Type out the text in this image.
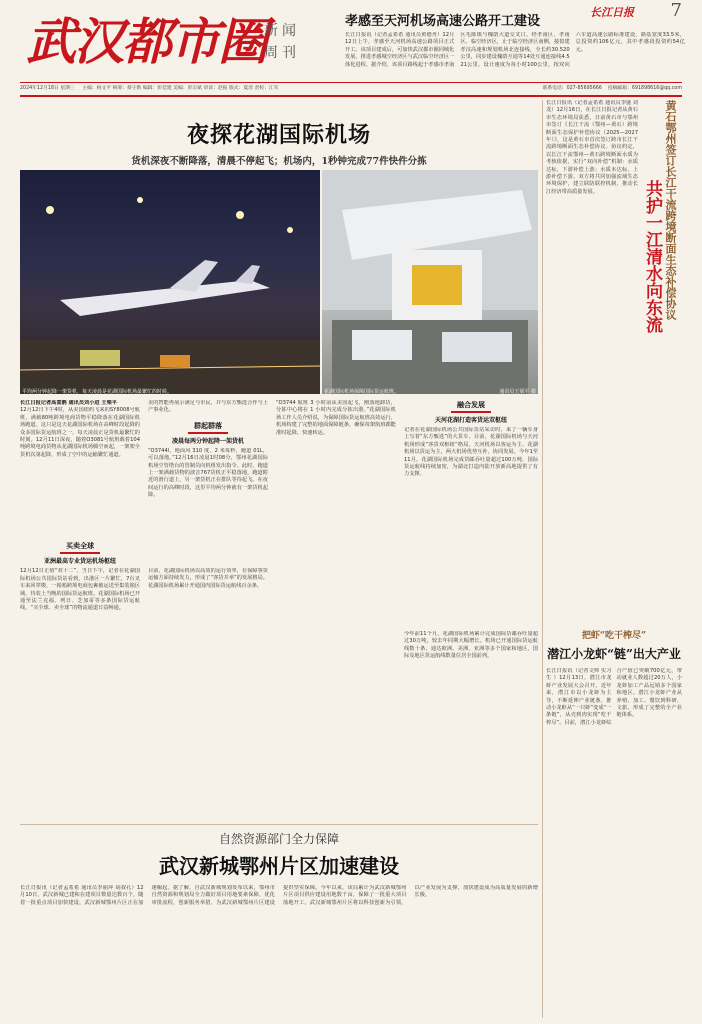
武汉都市圈
新闻
周刊
长江日报 7
孝感至天河机场高速公路开工建设
长江日报讯（记者孟希希 通讯员黄德舟）12月12日上午，孝感至天河机场高速公路项目正式开工。该项目建成后，可加快武汉都市圈同城化发展，推进孝感城空经济区与武汉临空经济区一体化进程。据介绍，该项目路线起于孝感市孝南区毛陈镇与槐荫大道交叉口，经孝南区、孝南区、临空经济区，止于临空经济区南侧，接拟建孝汉高速和规划机场北连接线，全长约30.520公里，同步建设槐荫互通等14处互通连接线4.521公里，设计速度为每小时100公里，按双向六车道高速公路标准建设，路基宽度33.5米，总投资约106亿元，其中孝感段投资约54亿元。
2024年12月18日 星期三 主编：杨文平 统筹：蔡守勋 编辑：彭佳建 美编：彭宗斌 审读：赵振 版式：夏淳 责校：江军	投稿邮箱：691898616@qq.com
联系电话：027-85695666
夜探花湖国际机场
货机深夜不断降落，清晨不停起飞；机场内，1秒钟完成77件快件分拣
平均两分钟起降一架货机，每天凌晨是花湖国际机场最繁忙的时候。	花湖国际机场保障国际货运航班。	通讯员王梁平 摄
长江日报记者高喜鹊 通讯员刘小进 王梁平
12月12日下午4时，从美国纽约飞来的SY8008号航班，满载80吨跨境电商货物平稳降落在花湖国际机场跑道。这只是这天花湖国际机场在高峰时段起降的众多国际货运航班之一，每天凌晨正是货机最繁忙的时刻。12月11日深夜，随着O3081号航班载着104吨跨境电商货物从花湖国际机场腾空而起，一架架全货机次第起降，形成了空中的运输繁忙通道。
买卖全球
亚洲最高专业货运机场枢纽
12月12日正值“双十二”，当日下午，记者在花湖国际机场公共国际货站看到，出港区一片繁忙，7台叉车来回穿梭，一箱箱跨境电商包裹被运送至集装箱区域，待装上当晚的国际货运航班。花湖国际机场已开通至法兰克福、列日、芝加哥等多条国际货运航线，“买全球、卖全球”的物流通道日益畅通。
美的智能再展示满足与市民，并与东方甄选合作与上产事业化。
群起群落
凌晨每两分钟起降一架货机
“O3744l，地面风 310 度，2 米每秒，跑道 01L，可以落地。”12月16日凌晨1时08分，鄂州花湖国际机场空管塔台的管制员向机组发出指令。此时，跑道上一架满载货物的波音767货机正平稳落地，跑道附近的滑行道上，另一架货机正在排队等待起飞。在夜间运行的高峰时段，这里平均两分钟就有一架货机起降。
目前，花湖国际机场以高效的运行效率，在保障客货运输方面持续发力，形成了“客货并举”的发展格局。花湖国际机场累计开通国内国际货运航线百余条。
“O3744 航班 3 小时前从美国起飞，刚落地卸货，分拣中心将在 1 小时内完成分拣出港。”花湖国际机场工作人员介绍说，为保障国际货运航班高效运行，机场构建了完整的地面保障链条，确保每架航班都能准时起降、快速转运。
融合发展
天河花湖打造客货运双枢纽
记者在花湖国际机场公共国际货站采访时，来了一辆车身上写着“东方甄选”的大货车。目前，花湖国际机场与天河机场形成“客货双枢纽”格局，天河机场以客运为主、花湖机场以货运为主，两大机场优势互补，协同发展。今年1至11月，花湖国际机场完成货邮吞吐量超过100万吨，国际货运航线持续加密，为湖北打造内陆开放新高地提供了有力支撑。
今年前11个月，花湖国际机场累计完成国际货邮吞吐量超过30万吨，较去年同期大幅增长。机场已开通国际货运航线数十条，通达欧洲、美洲、亚洲等多个国家和地区，国际及地区货运航线数量位居全国前列。
长江日报讯（记者孟希希 通讯员李盛 刘龙）12月16日，在长江日报记者从黄石市生态环境局获悉，日前黄石市与鄂州市签订《长江干流（鄂州—黄石）跨境断面生态保护补偿协议（2025—2027年）》，这是黄石市首次签订跨市长江干流跨境断面生态补偿协议。协议约定，以长江干流鄂州—黄石跨境断面水质为考核依据，实行“双向补偿”机制：水质达标，下游补偿上游；水质未达标，上游补偿下游。双方将共同加强流域生态环境保护，建立联防联控机制，推动长江经济带高质量发展。	黄石鄂州签订长江干流跨境断面生态补偿协议
共护一江清水向东流
把虾“吃干榨尽”
潜江小龙虾“链”出大产业
长江日报讯（记者文帅 实习生 ）12月13日，潜江市龙虾产业发展大会召开。近年来，潜江市以小龙虾为主导，不断延伸产业链条，推动小龙虾从“一只虾”变成“一条链”，从壳到肉实现“吃干榨尽”。目前，潜江小龙虾综合产值已突破700亿元，带动就业人数超过20万人，小龙虾加工产品远销多个国家和地区。潜江小龙虾产业从养殖、加工、餐饮到科研、文旅，形成了完整的全产业链体系。
自然资源部门全力保障
武汉新城鄂州片区加速建设
长江日报讯（记者孟希希 通讯员李丽萍 胡叔孔）12月10日，武汉新城已建和在建项目数量达数百个，随着一批重点项目加快建设，武汉新城鄂州片区正在加速崛起。据了解，自武汉新城规划发布以来，鄂州市自然资源和规划局全力做好项目用地要素保障，优化审批流程，创新服务举措，为武汉新城鄂州片区建设提供坚实保障。今年以来，该局累计为武汉新城鄂州片区项目供应建设用地数千亩，保障了一批重大项目落地开工。武汉新城鄂州片区将以科技创新为引领，以产业发展为支撑，加快建设成为高质量发展的新增长极。
